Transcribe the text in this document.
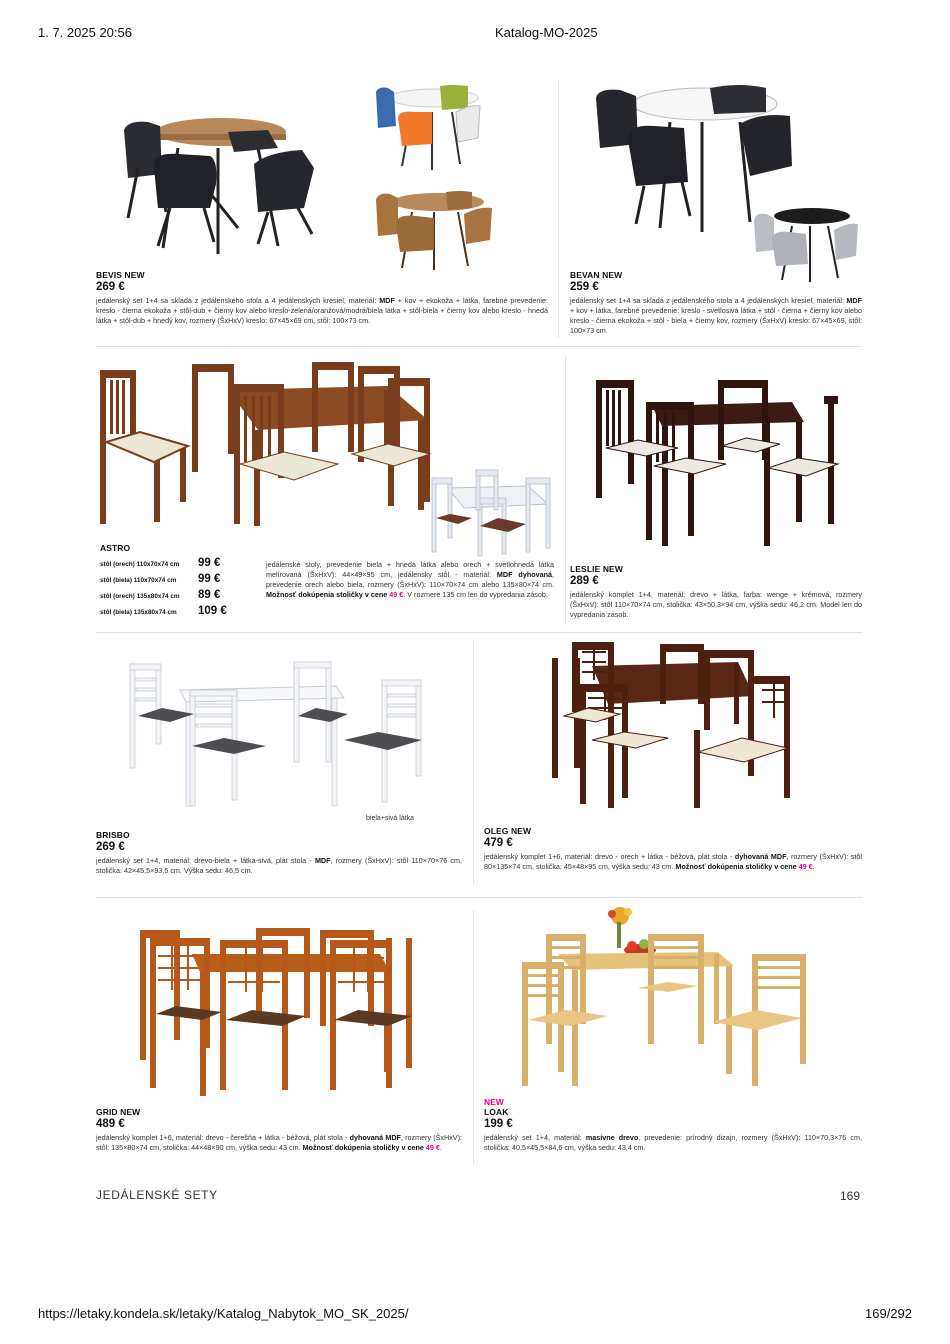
1. 7. 2025 20:56	Katalog-MO-2025
https://letaky.kondela.sk/letaky/Katalog_Nabytok_MO_SK_2025/	169/292
BEVIS NEW
269 €
jedálenský set 1+4 sa skladá z jedálenského stola a 4 jedálenských kresiel, materiál: MDF + kov + ekokoža + látka, farebné prevedenie: kreslo - čierna ekokoža + stôl-dub + čierny kov alebo kreslo-zelená/oranžová/modrá/biela látka + stôl-biela + čierny kov alebo kreslo - hnedá látka + stôl-dub + hnedý kov, rozmery (ŠxHxV) kreslo: 67×45×69 cm, stôl: 100×73 cm.
BEVAN NEW
259 €
jedálenský set 1+4 sa skladá z jedálenského stola a 4 jedálenských kresiel, materiál: MDF + kov + látka, farebné prevedenie: kreslo - svetlosivá látka + stôl - čierna + čierny kov alebo kreslo - čierna ekokoža + stôl - biela + čierny kov, rozmery (ŠxHxV) kreslo: 67×45×69, stôl: 100×73 cm.
ASTRO
stôl (orech) 110x70x74 cm	99 €
stôl (biela) 110x70x74 cm	99 €
stôl (orech) 135x80x74 cm	89 €
stôl (biela) 135x80x74 cm	109 €
jedálenské stoly, prevedenie biela + hnedá látka alebo orech + svetlohnedá látka melírovaná (ŠxHxV): 44×49×95 cm, jedálensky stôl - materiál: MDF dyhovaná, prevedenie orech alebo biela, rozmery (ŠxHxV): 110×70×74 cm alebo 135×80×74 cm. Možnosť dokúpenia stoličky v cene 49 €. V rozmere 135 cm len do vypredania zásob.
LESLIE NEW
289 €
jedálenský komplet 1+4, materiál: drevo + látka, farba: wenge + krémová, rozmery (ŠxHxV): stôl 110×70×74 cm, stolička: 43×50,3×94 cm, výška sedu: 46,2 cm. Model len do vypredania zásob.
biela+sivá látka
BRISBO
269 €
jedálenský set 1+4, materiál: drevo-biela + látka-sivá, plát stola - MDF, rozmery (ŠxHxV): stôl 110×70×76 cm, stolička: 42×45,5×93,5 cm. Výška sedu: 46,5 cm.
OLEG NEW
479 €
jedálenský komplet 1+6, materiál: drevo - orech + látka - béžová, plát stola - dyhovaná MDF, rozmery (ŠxHxV): stôl 80×135×74 cm, stolička: 45×48×95 cm, výška sedu: 43 cm. Možnosť dokúpenia stoličky v cene 49 €.
GRID NEW
489 €
jedálenský komplet 1+6, materiál: drevo - čerešňa + látka - béžová, plát stola - dyhovaná MDF, rozmery (ŠxHxV): stôl: 135×80×74 cm, stolička: 44×48×90 cm, výška sedu: 43 cm. Možnosť dokúpenia stoličky v cene 49 €.
NEW
LOAK
199 €
jedálenský set 1+4, materiál: masívne drevo, prevedenie: prírodný dizajn, rozmery (ŠxHxV): 110×70,3×76 cm, stolička: 40,5×45,5×84,6 cm, výška sedu: 43,4 cm.
JEDÁLENSKÉ SETY	169
